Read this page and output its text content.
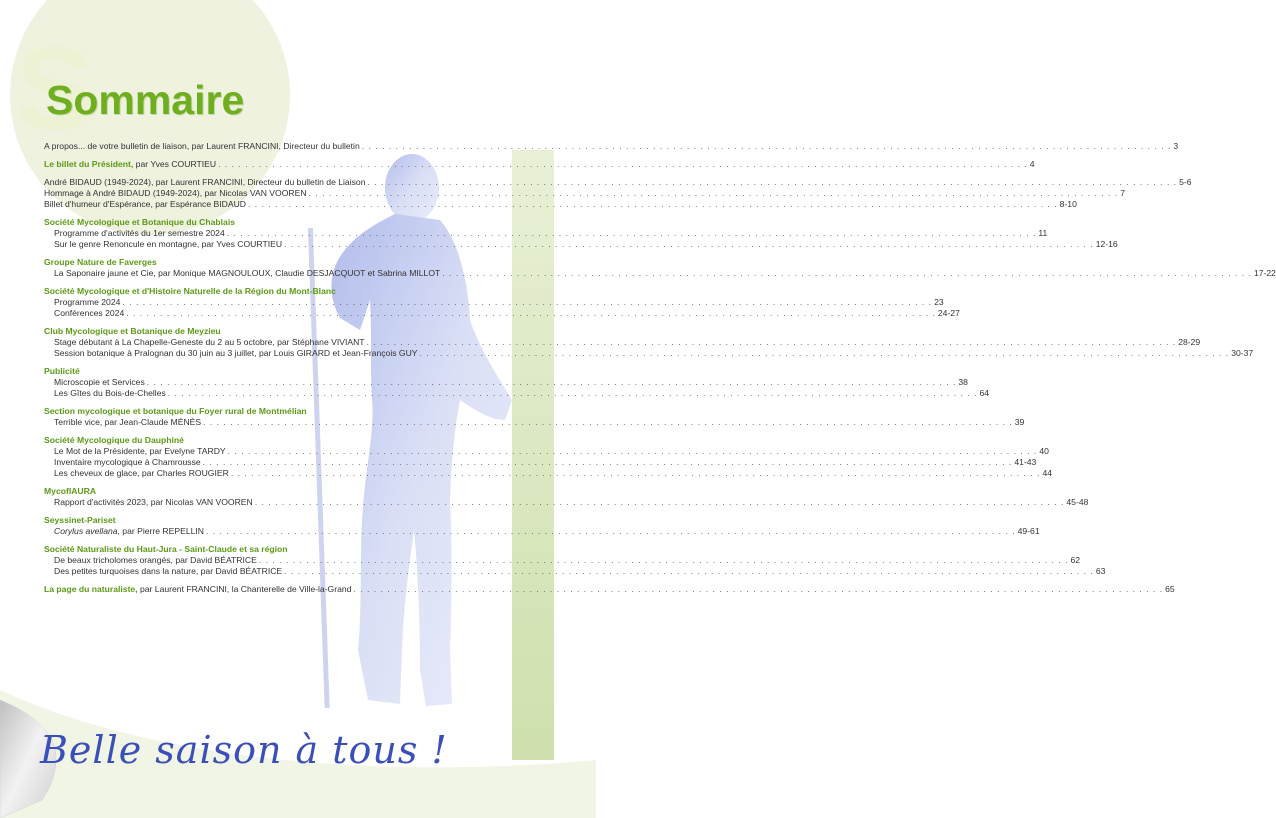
S
Sommaire
A propos... de votre bulletin de liaison, par Laurent FRANCINI, Directeur du bulletin . . . . . . . . . . . . . . . . . . . . . . . . . . . . . . . . . . . . . . . . . . . . . . . . . . . . . . . . . . . . . . . . . . . . . . . . . . . . . . . . . . . . . . . . . . . . . . . . . . . . . . . . . . . . . . . . . . . . . . . . 3
Le billet du Président, par Yves COURTIEU . . . . . . . . . . . . . . . . . . . . . . . . . . . . . . . . . . . . . . . . . . . . . . . . . . . . . . . . . . . . . . . . . . . . . . . . . . . . . . . . . . . . . . . . . . . . . . . . . . . . . . . . . . . . . . . . . . . . . . . . 4
André BIDAUD (1949-2024), par Laurent FRANCINI, Directeur du bulletin de Liaison . . . . . . . . . . . . . . . . . . . . . . . . . . . . . . . . . . . . . . . . . . . . . . . . . . . . . . . . . . . . . . . . . . . . . . . . . . . . . . . . . . . . . . . . . . . . . . . . . . . . . . . . . . . . . . . . . . . . . . . . 5-6
Hommage à André BIDAUD (1949-2024), par Nicolas VAN VOOREN . . . . . . . . . . . . . . . . . . . . . . . . . . . . . . . . . . . . . . . . . . . . . . . . . . . . . . . . . . . . . . . . . . . . . . . . . . . . . . . . . . . . . . . . . . . . . . . . . . . . . . . . . . . . . . . . . . . . . . . . 7
Billet d'humeur d'Espérance, par Espérance BIDAUD . . . . . . . . . . . . . . . . . . . . . . . . . . . . . . . . . . . . . . . . . . . . . . . . . . . . . . . . . . . . . . . . . . . . . . . . . . . . . . . . . . . . . . . . . . . . . . . . . . . . . . . . . . . . . . . . . . . . . . . . 8-10
Société Mycologique et Botanique du Chablais
Programme d'activités du 1er semestre 2024 . . . . . . . . . . . . . . . . . . . . . . . . . . . . . . . . . . . . . . . . . . . . . . . . . . . . . . . . . . . . . . . . . . . . . . . . . . . . . . . . . . . . . . . . . . . . . . . . . . . . . . . . . . . . . . . . . . . . . . . . 11
Sur le genre Renoncule en montagne, par Yves COURTIEU . . . . . . . . . . . . . . . . . . . . . . . . . . . . . . . . . . . . . . . . . . . . . . . . . . . . . . . . . . . . . . . . . . . . . . . . . . . . . . . . . . . . . . . . . . . . . . . . . . . . . . . . . . . . . . . . . . . . . . . . 12-16
Groupe Nature de Faverges
La Saponaire jaune et Cie, par Monique MAGNOULOUX, Claudie DESJACQUOT et Sabrina MILLOT . . . . . . . . . . . . . . . . . . . . . . . . . . . . . . . . . . . . . . . . . . . . . . . . . . . . . . . . . . . . . . . . . . . . . . . . . . . . . . . . . . . . . . . . . . . . . . . . . . . . . . . . . . . . . . . . . . . . . . . . 17-22
Société Mycologique et d'Histoire Naturelle de la Région du Mont-Blanc
Programme 2024 . . . . . . . . . . . . . . . . . . . . . . . . . . . . . . . . . . . . . . . . . . . . . . . . . . . . . . . . . . . . . . . . . . . . . . . . . . . . . . . . . . . . . . . . . . . . . . . . . . . . . . . . . . . . . . . . . . . . . . . . 23
Conférences 2024 . . . . . . . . . . . . . . . . . . . . . . . . . . . . . . . . . . . . . . . . . . . . . . . . . . . . . . . . . . . . . . . . . . . . . . . . . . . . . . . . . . . . . . . . . . . . . . . . . . . . . . . . . . . . . . . . . . . . . . . . 24-27
Club Mycologique et Botanique de Meyzieu
Stage débutant à La Chapelle-Geneste du 2 au 5 octobre, par Stéphane VIVIANT . . . . . . . . . . . . . . . . . . . . . . . . . . . . . . . . . . . . . . . . . . . . . . . . . . . . . . . . . . . . . . . . . . . . . . . . . . . . . . . . . . . . . . . . . . . . . . . . . . . . . . . . . . . . . . . . . . . . . . . . 28-29
Session botanique à Pralognan du 30 juin au 3 juillet, par Louis GIRARD et Jean-François GUY . . . . . . . . . . . . . . . . . . . . . . . . . . . . . . . . . . . . . . . . . . . . . . . . . . . . . . . . . . . . . . . . . . . . . . . . . . . . . . . . . . . . . . . . . . . . . . . . . . . . . . . . . . . . . . . . . . . . . . . . 30-37
Publicité
Microscopie et Services . . . . . . . . . . . . . . . . . . . . . . . . . . . . . . . . . . . . . . . . . . . . . . . . . . . . . . . . . . . . . . . . . . . . . . . . . . . . . . . . . . . . . . . . . . . . . . . . . . . . . . . . . . . . . . . . . . . . . . . . 38
Les Gîtes du Bois-de-Chelles . . . . . . . . . . . . . . . . . . . . . . . . . . . . . . . . . . . . . . . . . . . . . . . . . . . . . . . . . . . . . . . . . . . . . . . . . . . . . . . . . . . . . . . . . . . . . . . . . . . . . . . . . . . . . . . . . . . . . . . . 64
Section mycologique et botanique du Foyer rural de Montmélian
Terrible vice, par Jean-Claude MÉNÈS . . . . . . . . . . . . . . . . . . . . . . . . . . . . . . . . . . . . . . . . . . . . . . . . . . . . . . . . . . . . . . . . . . . . . . . . . . . . . . . . . . . . . . . . . . . . . . . . . . . . . . . . . . . . . . . . . . . . . . . . 39
Société Mycologique du Dauphiné
Le Mot de la Présidente, par Evelyne TARDY . . . . . . . . . . . . . . . . . . . . . . . . . . . . . . . . . . . . . . . . . . . . . . . . . . . . . . . . . . . . . . . . . . . . . . . . . . . . . . . . . . . . . . . . . . . . . . . . . . . . . . . . . . . . . . . . . . . . . . . . 40
Inventaire mycologique à Chamrousse . . . . . . . . . . . . . . . . . . . . . . . . . . . . . . . . . . . . . . . . . . . . . . . . . . . . . . . . . . . . . . . . . . . . . . . . . . . . . . . . . . . . . . . . . . . . . . . . . . . . . . . . . . . . . . . . . . . . . . . . 41-43
Les cheveux de glace, par Charles ROUGIER . . . . . . . . . . . . . . . . . . . . . . . . . . . . . . . . . . . . . . . . . . . . . . . . . . . . . . . . . . . . . . . . . . . . . . . . . . . . . . . . . . . . . . . . . . . . . . . . . . . . . . . . . . . . . . . . . . . . . . . . 44
MycofIAURA
Rapport d'activités 2023, par Nicolas VAN VOOREN . . . . . . . . . . . . . . . . . . . . . . . . . . . . . . . . . . . . . . . . . . . . . . . . . . . . . . . . . . . . . . . . . . . . . . . . . . . . . . . . . . . . . . . . . . . . . . . . . . . . . . . . . . . . . . . . . . . . . . . . 45-48
Seyssinet-Pariset
Corylus avellana, par Pierre REPELLIN . . . . . . . . . . . . . . . . . . . . . . . . . . . . . . . . . . . . . . . . . . . . . . . . . . . . . . . . . . . . . . . . . . . . . . . . . . . . . . . . . . . . . . . . . . . . . . . . . . . . . . . . . . . . . . . . . . . . . . . . 49-61
Société Naturaliste du Haut-Jura - Saint-Claude et sa région
De beaux tricholomes orangés, par David BÉATRICE . . . . . . . . . . . . . . . . . . . . . . . . . . . . . . . . . . . . . . . . . . . . . . . . . . . . . . . . . . . . . . . . . . . . . . . . . . . . . . . . . . . . . . . . . . . . . . . . . . . . . . . . . . . . . . . . . . . . . . . . 62
Des petites turquoises dans la nature, par David BÉATRICE . . . . . . . . . . . . . . . . . . . . . . . . . . . . . . . . . . . . . . . . . . . . . . . . . . . . . . . . . . . . . . . . . . . . . . . . . . . . . . . . . . . . . . . . . . . . . . . . . . . . . . . . . . . . . . . . . . . . . . . . 63
La page du naturaliste, par Laurent FRANCINI, la Chanterelle de Ville-la-Grand . . . . . . . . . . . . . . . . . . . . . . . . . . . . . . . . . . . . . . . . . . . . . . . . . . . . . . . . . . . . . . . . . . . . . . . . . . . . . . . . . . . . . . . . . . . . . . . . . . . . . . . . . . . . . . . . . . . . . . . . 65
Belle saison à tous !
